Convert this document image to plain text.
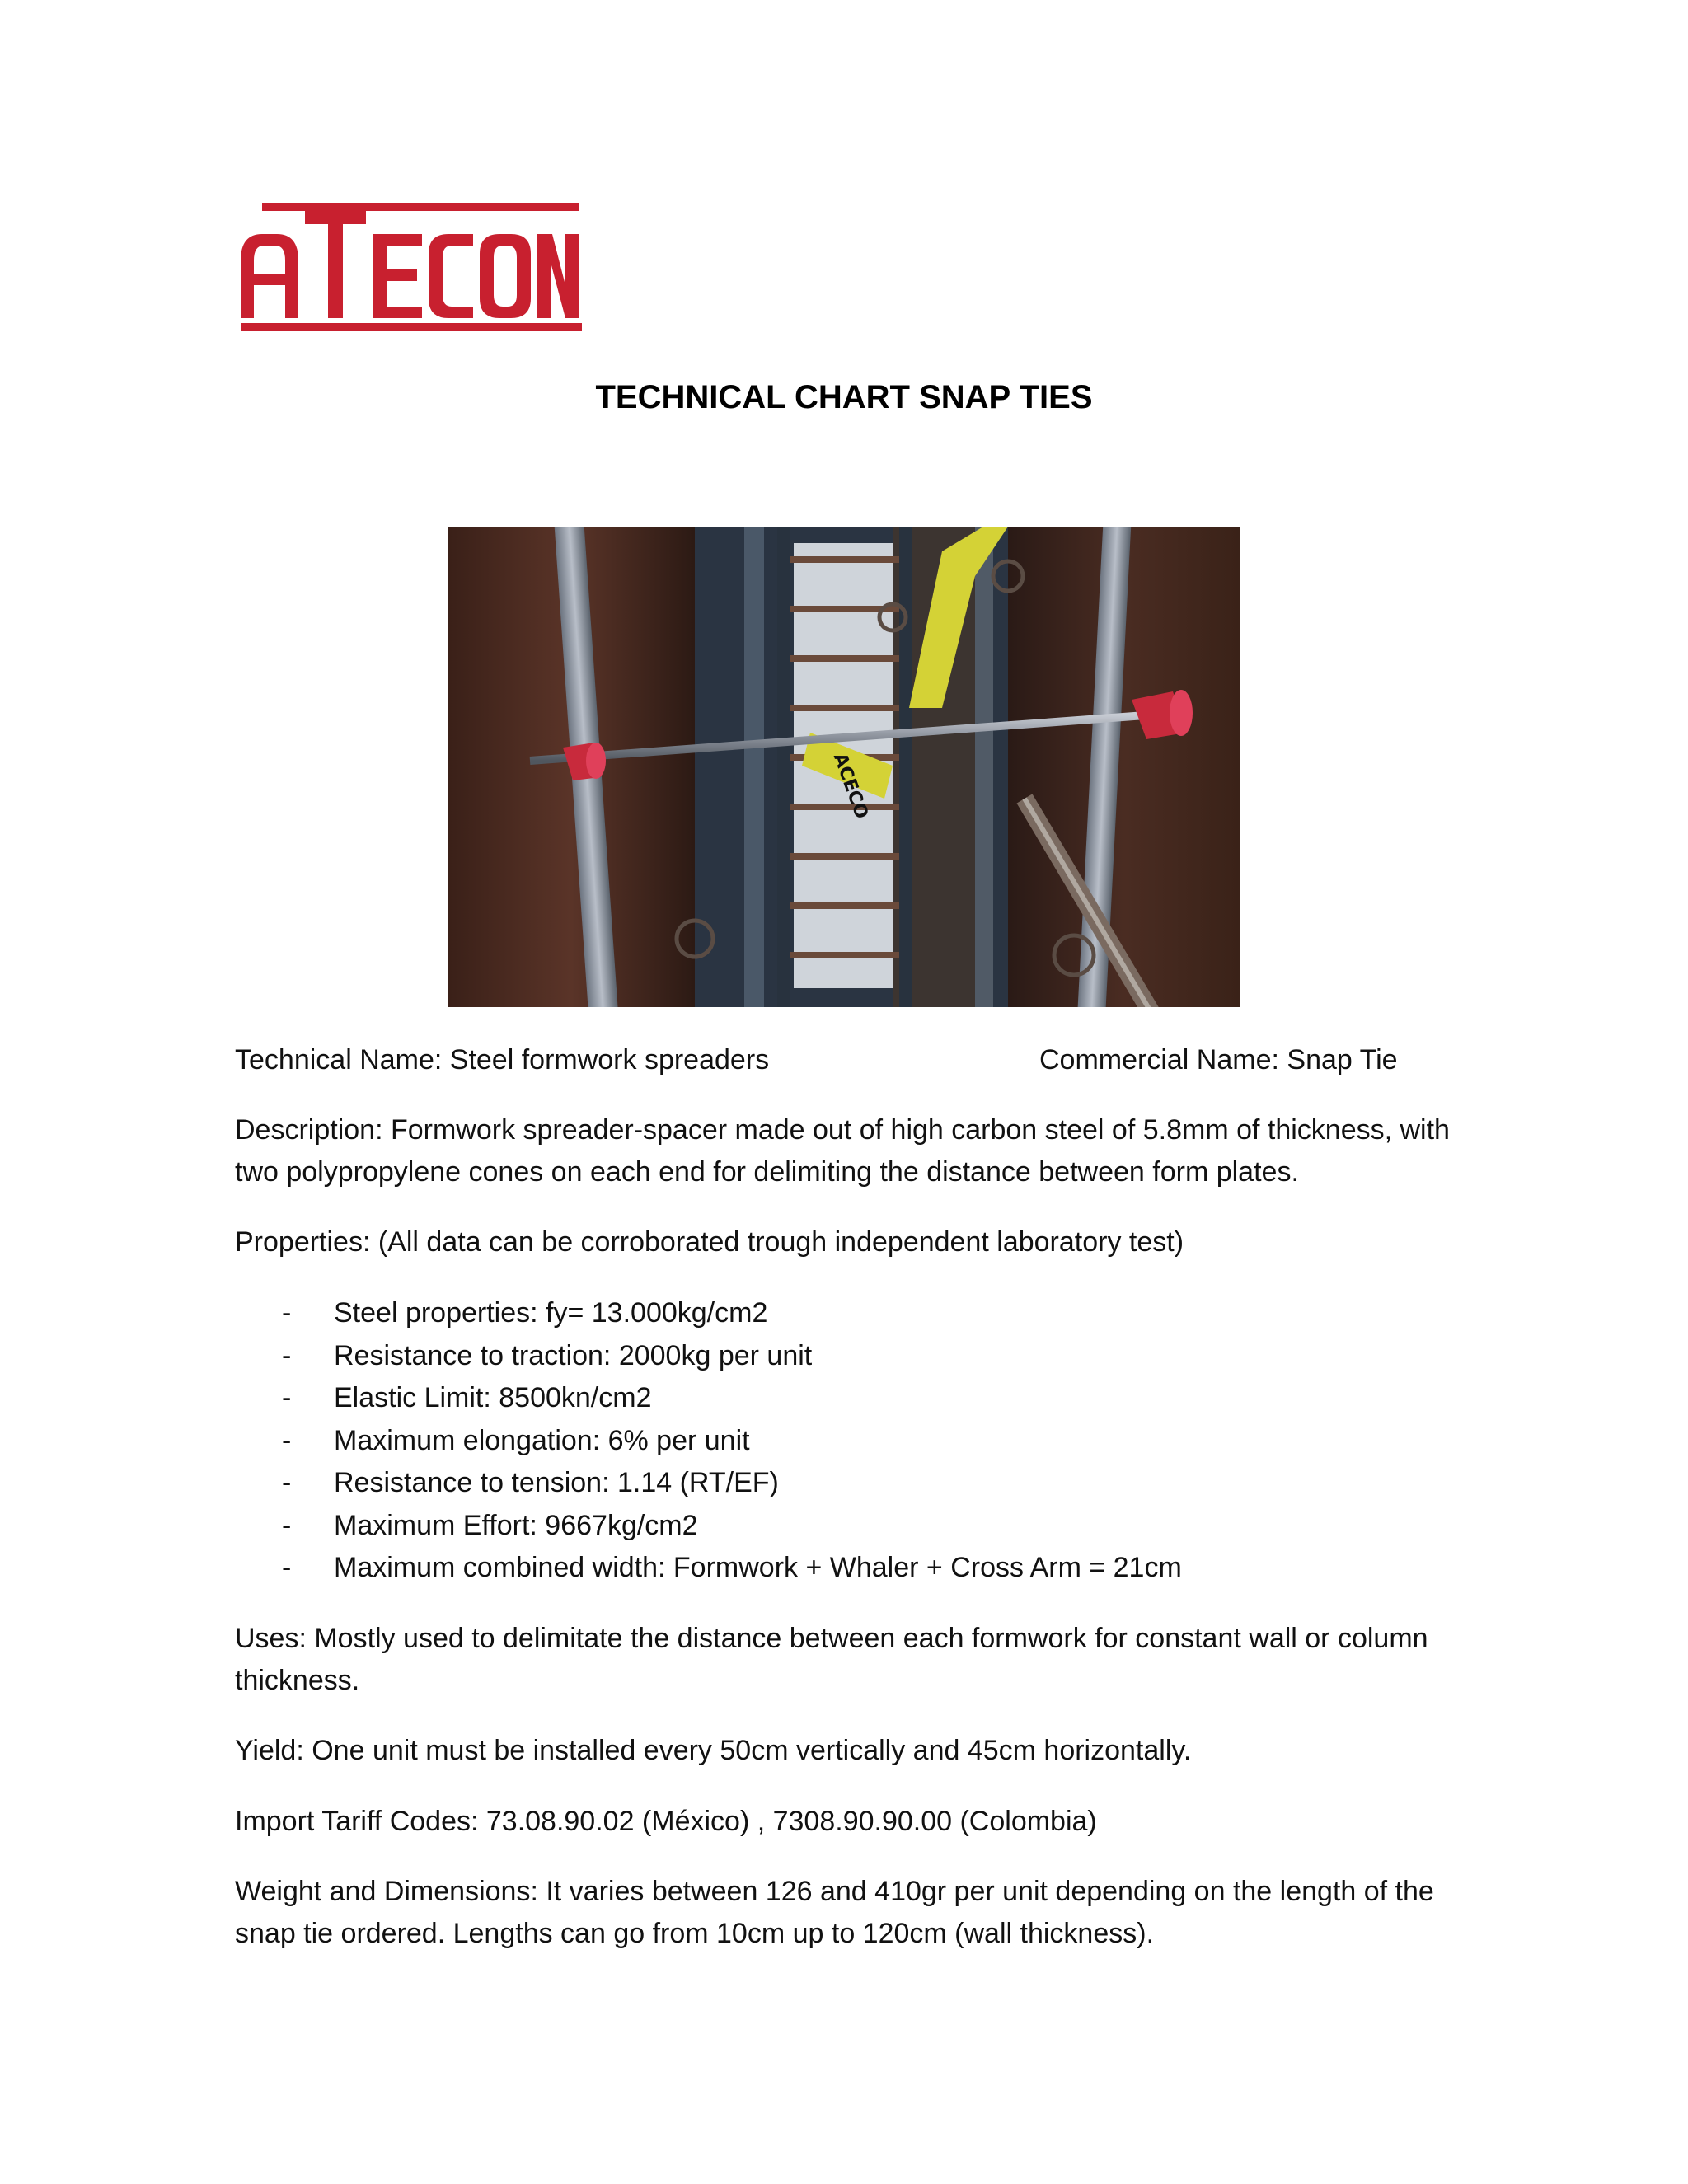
TECHNICAL CHART SNAP TIES
ACECO
Technical Name: Steel formwork spreaders	Commercial Name: Snap Tie
Description: Formwork spreader-spacer made out of high carbon steel of 5.8mm of thickness, with two polypropylene cones on each end for delimiting the distance between form plates.
Properties: (All data can be corroborated trough independent laboratory test)
- Steel properties: fy= 13.000kg/cm2
- Resistance to traction: 2000kg per unit
- Elastic Limit: 8500kn/cm2
- Maximum elongation: 6% per unit
- Resistance to tension: 1.14 (RT/EF)
- Maximum Effort: 9667kg/cm2
- Maximum combined width: Formwork + Whaler + Cross Arm = 21cm
Uses: Mostly used to delimitate the distance between each formwork for constant wall or column thickness.
Yield: One unit must be installed every 50cm vertically and 45cm horizontally.
Import Tariff Codes: 73.08.90.02 (México) , 7308.90.90.00 (Colombia)
Weight and Dimensions: It varies between 126 and 410gr per unit depending on the length of the snap tie ordered. Lengths can go from 10cm up to 120cm (wall thickness).
